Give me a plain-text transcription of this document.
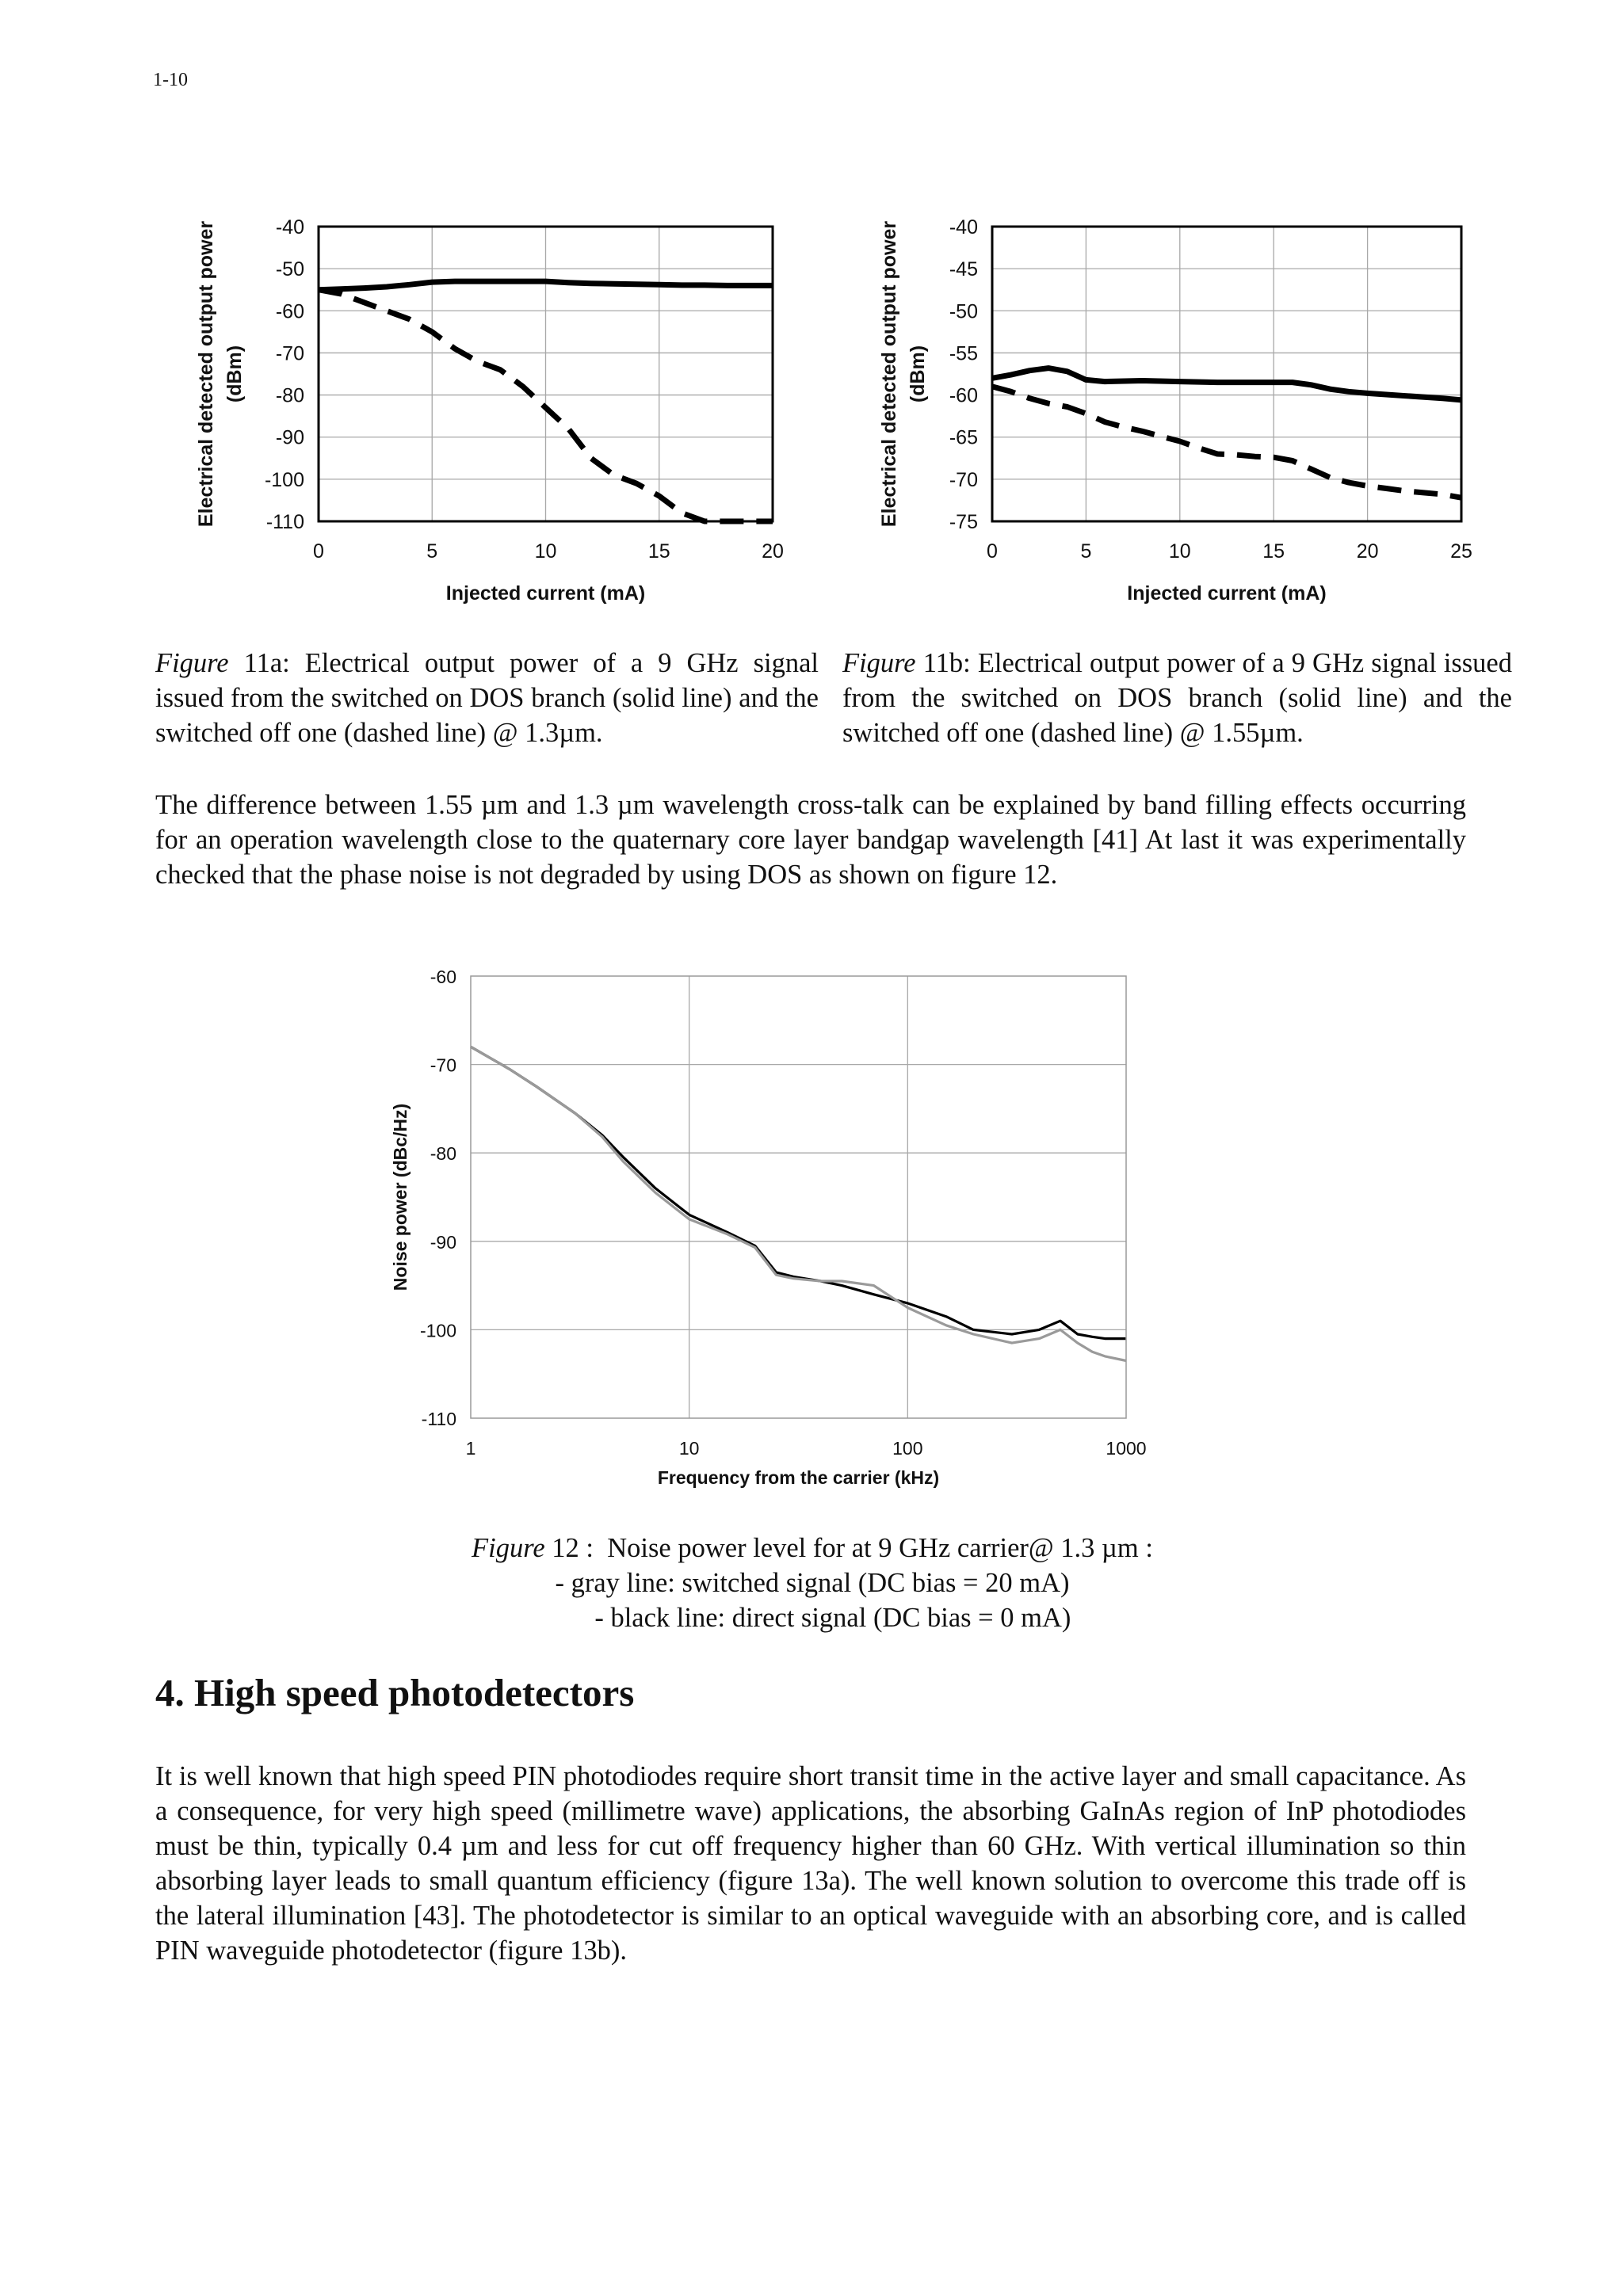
1-10
-40
-50
-60
-70
-80
-90
-100
-110
0	5	10	15	20
Injected current (mA)
Electrical detected output power (dBm)
-40
-45
-50
-55
-60
-65
-70
-75
0	5	10	15	20	25
Injected current (mA)
Electrical detected output power (dBm)
-60
-70
-80
-90
-100
-110
1	10	100	1000
Frequency from the carrier (kHz)
Noise power (dBc/Hz)
Figure 11a: Electrical output power of a 9 GHz signal issued from the switched on DOS branch (solid line) and the switched off one (dashed line) @ 1.3µm.
Figure 11b: Electrical output power of a 9 GHz signal issued from the switched on DOS branch (solid line) and the switched off one (dashed line) @ 1.55µm.
The difference between 1.55 µm and 1.3 µm wavelength cross-talk can be explained by band filling effects occurring for an operation wavelength close to the quaternary core layer bandgap wavelength [41] At last it was experimentally checked that the phase noise is not degraded by using DOS as shown on figure 12.
Figure 12 :  Noise power level for at 9 GHz carrier@ 1.3 µm :
- gray line: switched signal (DC bias = 20 mA)
- black line: direct signal (DC bias = 0 mA)
4. High speed photodetectors
It is well known that high speed PIN photodiodes require short transit time in the active layer and small capacitance. As a consequence, for very high speed (millimetre wave) applications, the absorbing GaInAs region of InP photodiodes must be thin, typically 0.4 µm and less for cut off frequency higher than 60 GHz. With vertical illumination so thin absorbing layer leads to small quantum efficiency (figure 13a). The well known solution to overcome this trade off is the lateral illumination [43]. The photodetector is similar to an optical waveguide with an absorbing core, and is called PIN waveguide photodetector (figure 13b).
